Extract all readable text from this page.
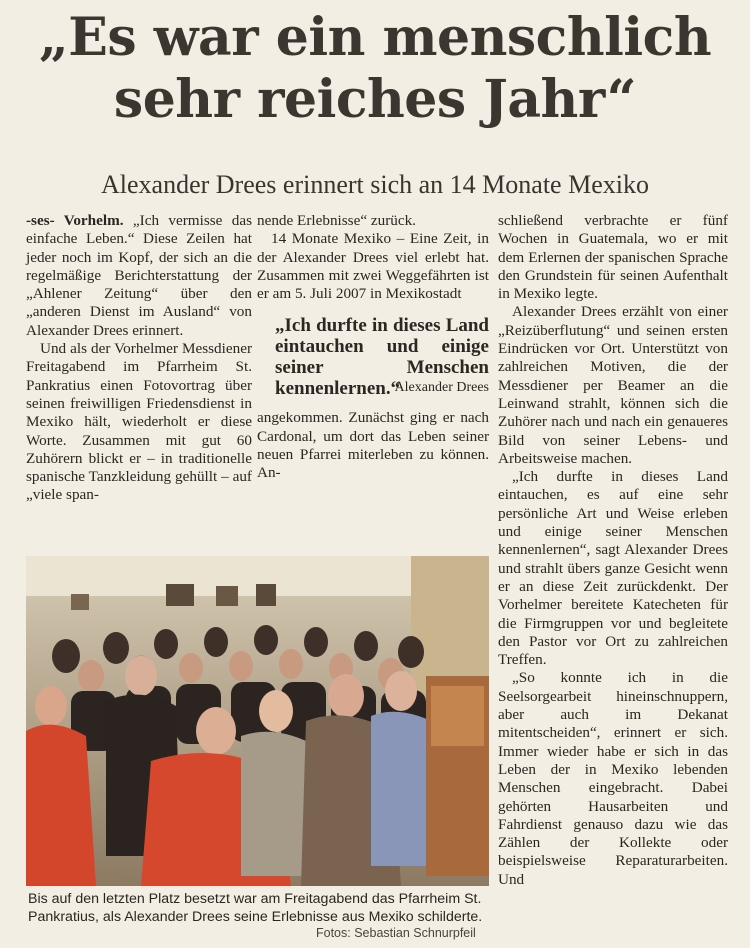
„Es war ein menschlich
sehr reiches Jahr“
Alexander Drees erinnert sich an 14 Monate Mexiko

-ses- Vorhelm. „Ich vermisse das einfache Leben.“ Diese Zeilen hat jeder noch im Kopf, der sich an die regelmäßige Berichterstattung der „Ahlener Zeitung“ über den „anderen Dienst im Ausland“ von Alexander Drees erinnert.

Und als der Vorhelmer Messdiener Freitagabend im Pfarrheim St. Pankratius einen Fotovortrag über seinen freiwilligen Friedensdienst in Mexiko hält, wiederholt er diese Worte. Zusammen mit gut 60 Zuhörern blickt er – in traditionelle spanische Tanzkleidung gehüllt – auf „viele span-

nende Erlebnisse“ zurück.

14 Monate Mexiko – Eine Zeit, in der Alexander Drees viel erlebt hat. Zusammen mit zwei Weggefährten ist er am 5. Juli 2007 in Mexikostadt

„Ich durfte in dieses Land eintauchen und einige seiner Menschen kennenlernen.“
Alexander Drees

angekommen. Zunächst ging er nach Cardonal, um dort das Leben seiner neuen Pfarrei miterleben zu können. An-

schließend verbrachte er fünf Wochen in Guatemala, wo er mit dem Erlernen der spanischen Sprache den Grundstein für seinen Aufenthalt in Mexiko legte.

Alexander Drees erzählt von einer „Reizüberflutung“ und seinen ersten Eindrücken vor Ort. Unterstützt von zahlreichen Motiven, die der Messdiener per Beamer an die Leinwand strahlt, können sich die Zuhörer nach und nach ein genaueres Bild von seiner Lebens- und Arbeitsweise machen.

„Ich durfte in dieses Land eintauchen, es auf eine sehr persönliche Art und Weise erleben und einige seiner Menschen kennenlernen“, sagt Alexander Drees und strahlt übers ganze Gesicht wenn er an diese Zeit zurückdenkt. Der Vorhelmer bereitete Katecheten für die Firmgruppen vor und begleitete den Pastor vor Ort zu zahlreichen Treffen.

„So konnte ich in die Seelsorgearbeit hineinschnuppern, aber auch im Dekanat mitentscheiden“, erinnert er sich. Immer wieder habe er sich in das Leben der in Mexiko lebenden Menschen eingebracht. Dabei gehörten Hausarbeiten und Fahrdienst genauso dazu wie das Zählen der Kollekte oder beispielsweise Reparaturarbeiten. Und

Bis auf den letzten Platz besetzt war am Freitagabend das Pfarrheim St. Pankratius, als Alexander Drees seine Erlebnisse aus Mexiko schilderte.
Fotos: Sebastian Schnurpfeil
